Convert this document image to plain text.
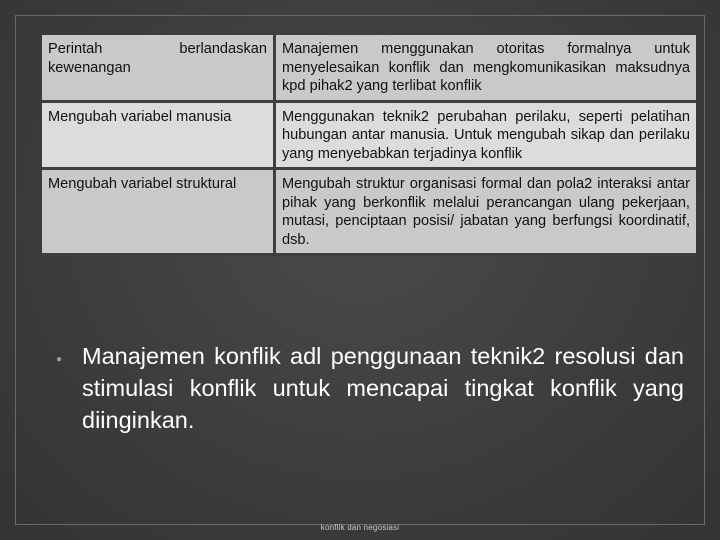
Perintah berlandaskan kewenangan	Manajemen menggunakan otoritas formalnya untuk menyelesaikan konflik dan mengkomunikasikan maksudnya kpd pihak2 yang terlibat konflik
Mengubah variabel manusia	Menggunakan teknik2 perubahan perilaku, seperti pelatihan hubungan antar manusia. Untuk mengubah sikap dan perilaku yang menyebabkan terjadinya konflik
Mengubah variabel struktural	Mengubah struktur organisasi formal dan pola2 interaksi antar pihak yang berkonflik melalui perancangan ulang pekerjaan, mutasi, penciptaan posisi/ jabatan yang berfungsi koordinatif, dsb.
● Manajemen konflik adl penggunaan teknik2 resolusi dan stimulasi konflik untuk mencapai tingkat konflik yang diinginkan.
konflik dan negosiasi
